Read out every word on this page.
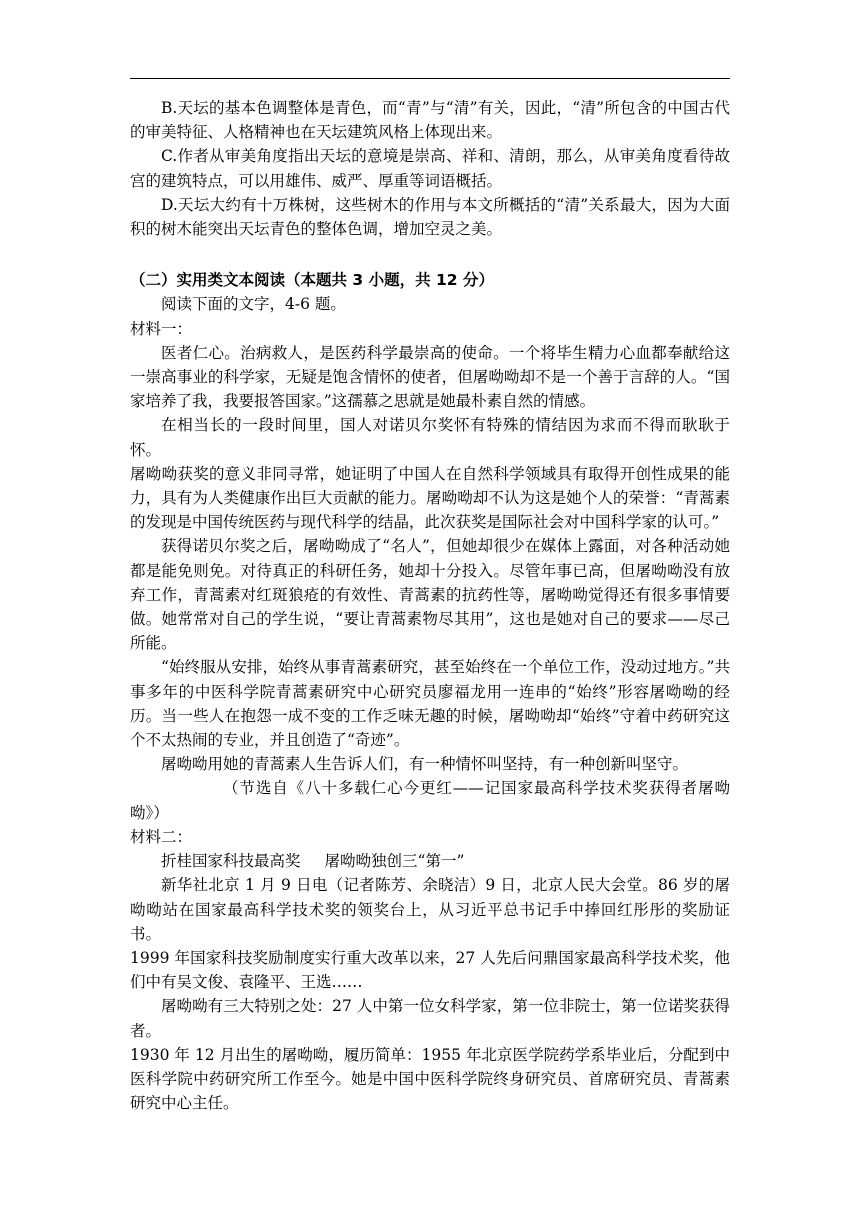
B.天坛的基本色调整体是青色，而“青”与“清”有关，因此，“清”所包含的中国古代的审美特征、人格精神也在天坛建筑风格上体现出来。

C.作者从审美角度指出天坛的意境是崇高、祥和、清朗，那么，从审美角度看待故宫的建筑特点，可以用雄伟、威严、厚重等词语概括。

D.天坛大约有十万株树，这些树木的作用与本文所概括的“清”关系最大，因为大面积的树木能突出天坛青色的整体色调，增加空灵之美。

（二）实用类文本阅读（本题共 3 小题，共 12 分）

阅读下面的文字，4-6 题。

材料一：

医者仁心。治病救人，是医药科学最崇高的使命。一个将毕生精力心血都奉献给这一崇高事业的科学家，无疑是饱含情怀的使者，但屠呦呦却不是一个善于言辞的人。“国家培养了我，我要报答国家。”这孺慕之思就是她最朴素自然的情感。

在相当长的一段时间里，国人对诺贝尔奖怀有特殊的情结因为求而不得而耿耿于怀。

屠呦呦获奖的意义非同寻常，她证明了中国人在自然科学领域具有取得开创性成果的能力，具有为人类健康作出巨大贡献的能力。屠呦呦却不认为这是她个人的荣誉：“青蒿素的发现是中国传统医药与现代科学的结晶，此次获奖是国际社会对中国科学家的认可。”

获得诺贝尔奖之后，屠呦呦成了“名人”，但她却很少在媒体上露面，对各种活动她都是能免则免。对待真正的科研任务，她却十分投入。尽管年事已高，但屠呦呦没有放弃工作，青蒿素对红斑狼疮的有效性、青蒿素的抗药性等，屠呦呦觉得还有很多事情要做。她常常对自己的学生说，“要让青蒿素物尽其用”，这也是她对自己的要求——尽己所能。

“始终服从安排，始终从事青蒿素研究，甚至始终在一个单位工作，没动过地方。”共事多年的中医科学院青蒿素研究中心研究员廖福龙用一连串的“始终”形容屠呦呦的经历。当一些人在抱怨一成不变的工作乏味无趣的时候，屠呦呦却“始终”守着中药研究这个不太热闹的专业，并且创造了“奇迹”。

屠呦呦用她的青蒿素人生告诉人们，有一种情怀叫坚持，有一种创新叫坚守。

（节选自《八十多载仁心今更红——记国家最高科学技术奖获得者屠呦呦》）

材料二：

折桂国家科技最高奖 屠呦呦独创三“第一”

新华社北京 1 月 9 日电（记者陈芳、余晓洁）9 日，北京人民大会堂。86 岁的屠呦呦站在国家最高科学技术奖的领奖台上，从习近平总书记手中捧回红彤彤的奖励证书。

1999 年国家科技奖励制度实行重大改革以来，27 人先后问鼎国家最高科学技术奖，他们中有吴文俊、袁隆平、王选……

屠呦呦有三大特别之处：27 人中第一位女科学家，第一位非院士，第一位诺奖获得者。

1930 年 12 月出生的屠呦呦，履历简单：1955 年北京医学院药学系毕业后，分配到中医科学院中药研究所工作至今。她是中国中医科学院终身研究员、首席研究员、青蒿素研究中心主任。
